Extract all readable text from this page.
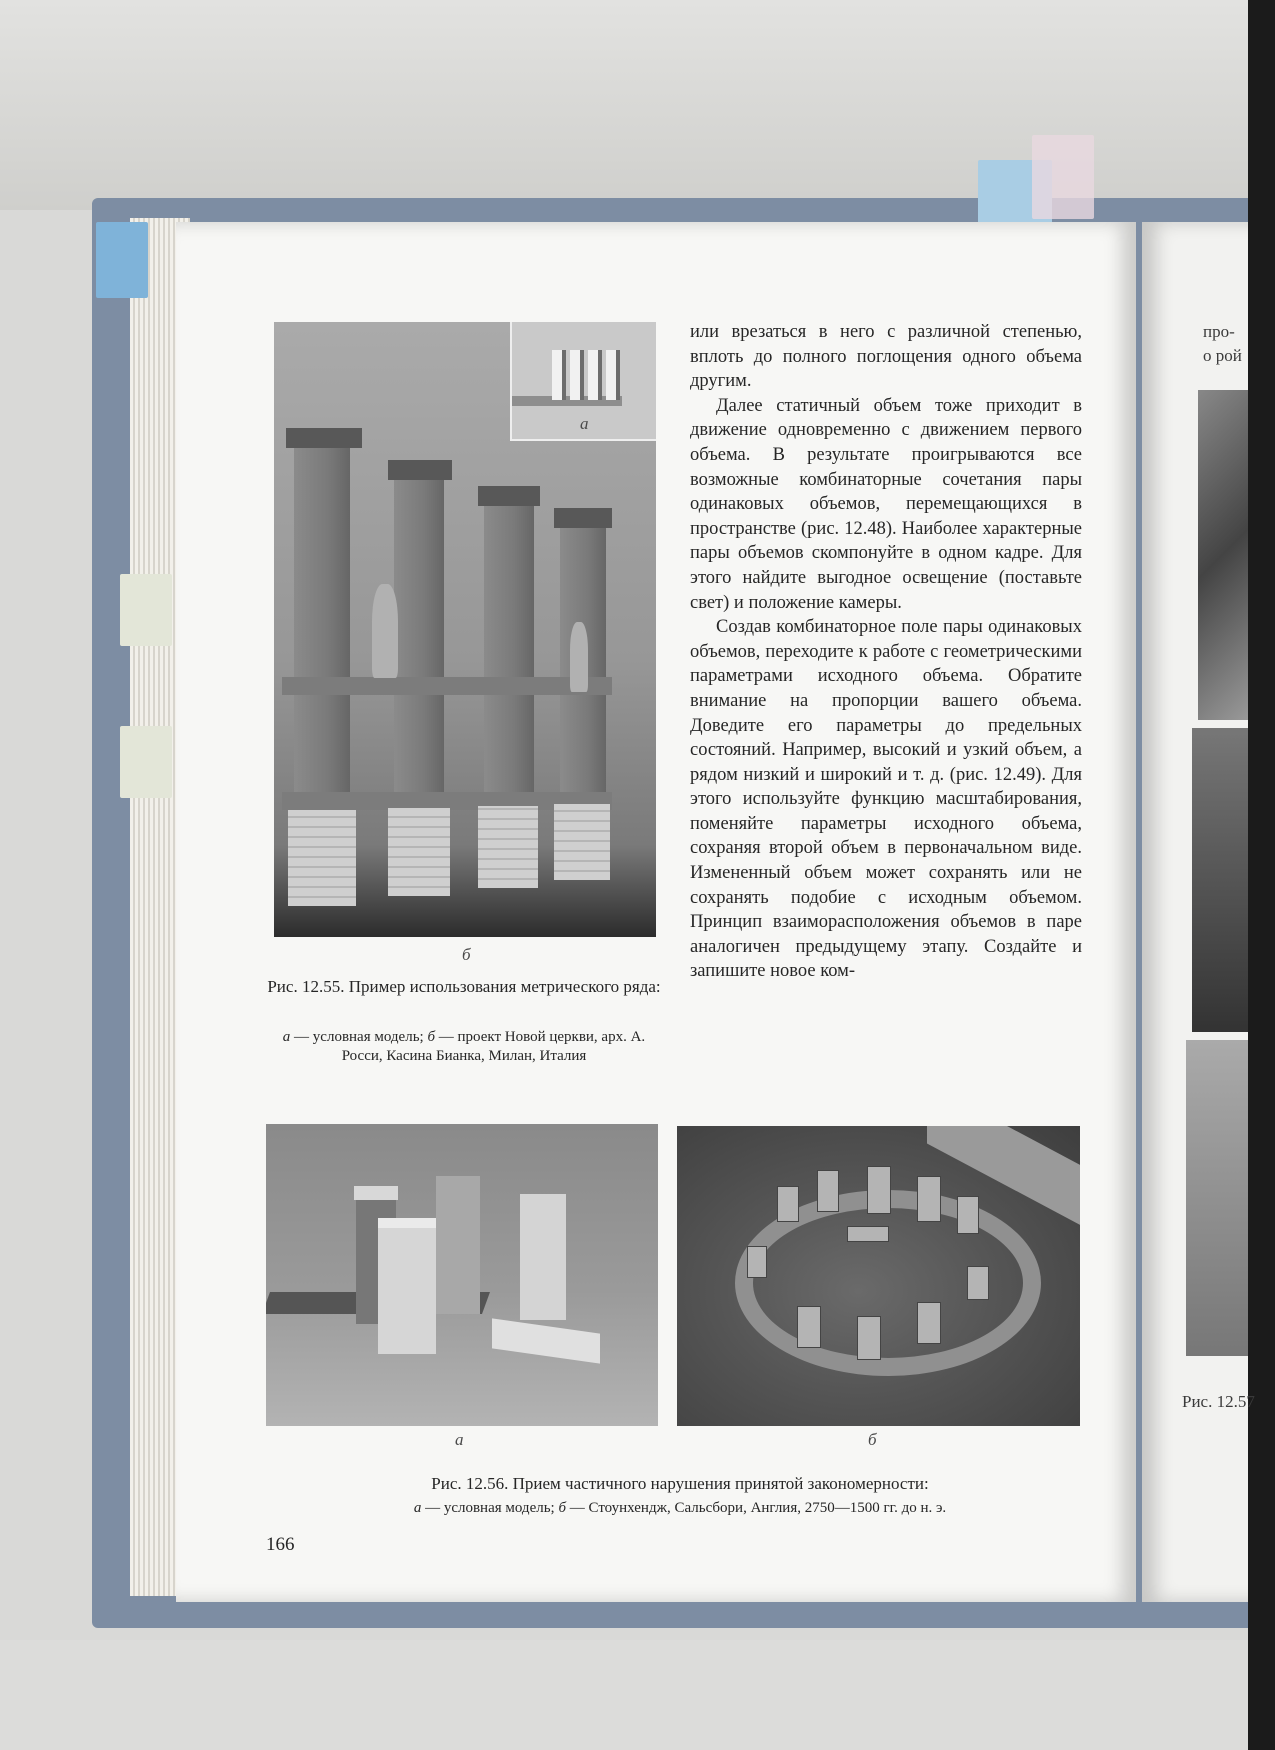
а
б
Рис. 12.55. Пример использования метрического ряда:
а — условная модель; б — проект Новой церкви, арх. А. Росси, Касина Бианка, Милан, Италия

или врезаться в него с различной степенью, вплоть до полного поглощения одного объема другим.

Далее статичный объем тоже приходит в движение одновременно с движением первого объема. В результате проигрываются все возможные комбинаторные сочетания пары одинаковых объемов, перемещающихся в пространстве (рис. 12.48). Наиболее характерные пары объемов скомпонуйте в одном кадре. Для этого найдите выгодное освещение (поставьте свет) и положение камеры.

Создав комбинаторное поле пары одинаковых объемов, переходите к работе с геометрическими параметрами исходного объема. Обратите внимание на пропорции вашего объема. Доведите его параметры до предельных состояний. Например, высокий и узкий объем, а рядом низкий и широкий и т. д. (рис. 12.49). Для этого используйте функцию масштабирования, поменяйте параметры исходного объема, сохраняя второй объем в первоначальном виде. Измененный объем может сохранять или не сохранять подобие с исходным объемом. Принцип взаиморасположения объемов в паре аналогичен предыдущему этапу. Создайте и запишите новое ком-

а	б
Рис. 12.56. Прием частичного нарушения принятой закономерности:
а — условная модель; б — Стоунхендж, Сальсбори, Англия, 2750—1500 гг. до н. э.
166
про-
о рой
Рис. 12.57
